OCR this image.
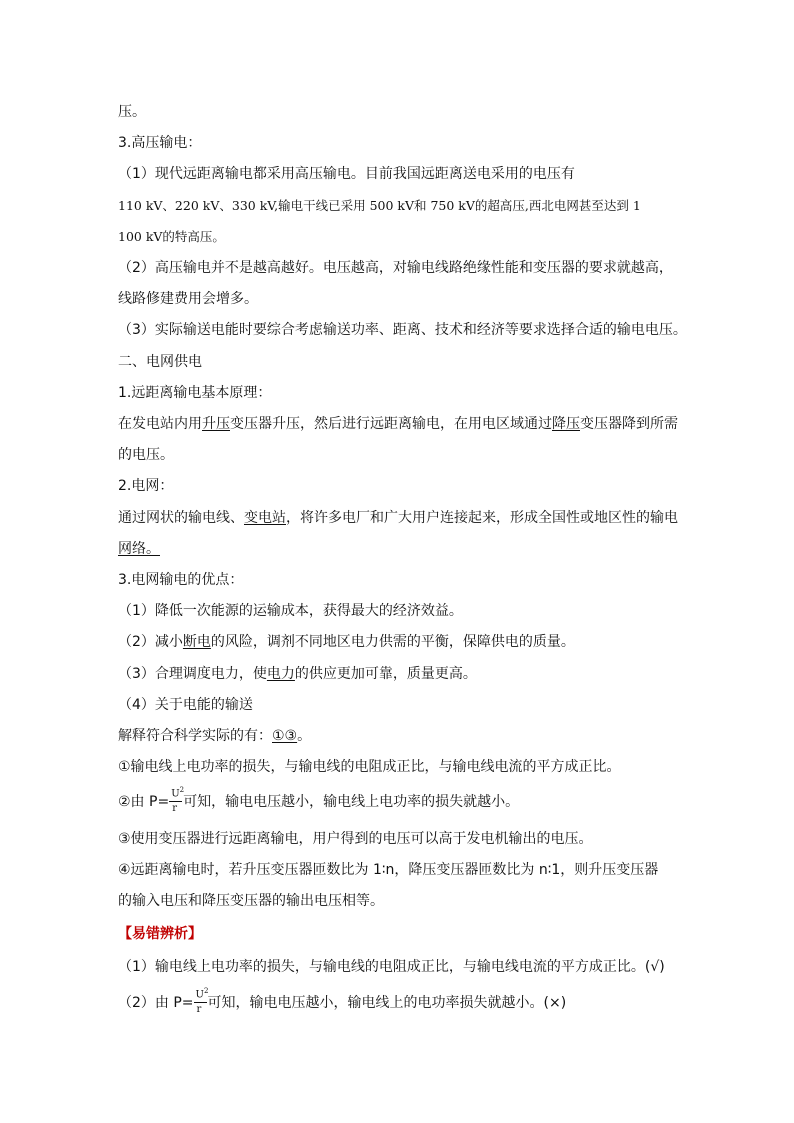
压。
3.高压输电：
（1）现代远距离输电都采用高压输电。目前我国远距离送电采用的电压有
110 kV、220 kV、330 kV,输电干线已采用 500 kV和 750 kV的超高压,西北电网甚至达到 1
100 kV的特高压。
（2）高压输电并不是越高越好。电压越高，对输电线路绝缘性能和变压器的要求就越高，
线路修建费用会增多。
（3）实际输送电能时要综合考虑输送功率、距离、技术和经济等要求选择合适的输电电压。
二、电网供电
1.远距离输电基本原理：
在发电站内用升压变压器升压，然后进行远距离输电，在用电区域通过降压变压器降到所需
的电压。
2.电网：
通过网状的输电线、变电站，将许多电厂和广大用户连接起来，形成全国性或地区性的输电
网络。
3.电网输电的优点：
（1）降低一次能源的运输成本，获得最大的经济效益。
（2）减小断电的风险，调剂不同地区电力供需的平衡，保障供电的质量。
（3）合理调度电力，使电力的供应更加可靠，质量更高。
（4）关于电能的输送
解释符合科学实际的有：①③。
①输电线上电功率的损失，与输电线的电阻成正比，与输电线电流的平方成正比。
②由 $P= \frac{U^2}{r}$ 可知，输电电压越小，输电线上电功率的损失就越小。
③使用变压器进行远距离输电，用户得到的电压可以高于发电机输出的电压。
④远距离输电时，若升压变压器匝数比为 1∶n，降压变压器匝数比为 n∶1，则升压变压器
的输入电压和降压变压器的输出电压相等。
【易错辨析】
（1）输电线上电功率的损失，与输电线的电阻成正比，与输电线电流的平方成正比。(√)
（2）由 $P= \frac{U^2}{r}$ 可知，输电电压越小，输电线上的电功率损失就越小。(×)
